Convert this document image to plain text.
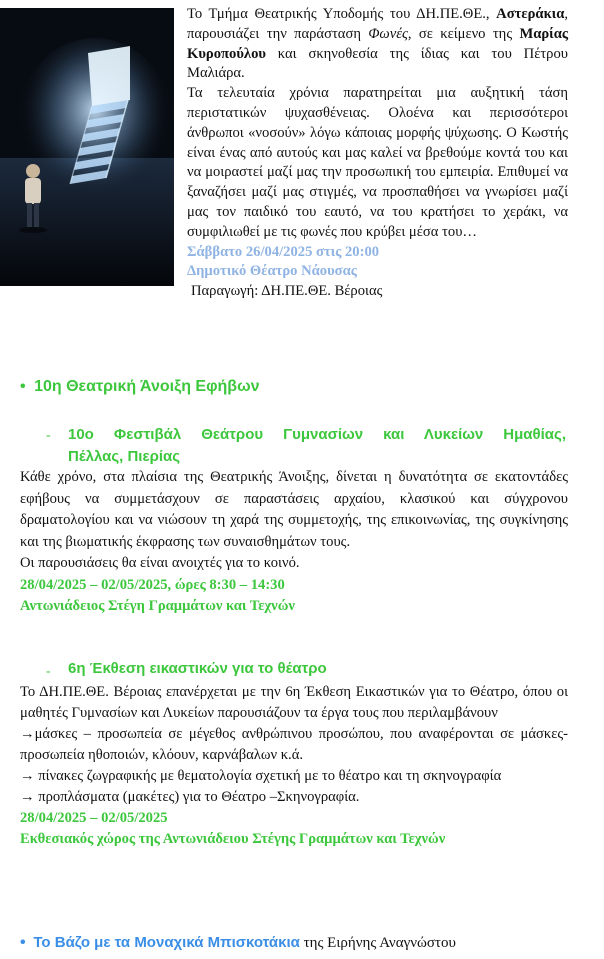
Το Τμήμα Θεατρικής Υποδομής του ΔΗ.ΠΕ.ΘΕ., Αστεράκια, παρουσιάζει την παράσταση Φωνές, σε κείμενο της Μαρίας Κυροπούλου και σκηνοθεσία της ίδιας και του Πέτρου Μαλιάρα.

Τα τελευταία χρόνια παρατηρείται μια αυξητική τάση περιστατικών ψυχασθένειας. Ολοένα και περισσότεροι άνθρωποι «νοσούν» λόγω κάποιας μορφής ψύχωσης. Ο Κωστής είναι ένας από αυτούς και μας καλεί να βρεθούμε κοντά του και να μοιραστεί μαζί μας την προσωπική του εμπειρία. Επιθυμεί να ξαναζήσει μαζί μας στιγμές, να προσπαθήσει να γνωρίσει μαζί μας τον παιδικό του εαυτό, να του κρατήσει το χεράκι, να συμφιλιωθεί με τις φωνές που κρύβει μέσα του…

Σάββατο 26/04/2025 στις 20:00

Δημοτικό Θέατρο Νάουσας

Παραγωγή: ΔΗ.ΠΕ.ΘΕ. Βέροιας

• 10η Θεατρική Άνοιξη Εφήβων
- 10ο Φεστιβάλ Θεάτρου Γυμνασίων και Λυκείων Ημαθίας,
Πέλλας, Πιερίας

Κάθε χρόνο, στα πλαίσια της Θεατρικής Άνοιξης, δίνεται η δυνατότητα σε εκατοντάδες εφήβους να συμμετάσχουν σε παραστάσεις αρχαίου, κλασικού και σύγχρονου δραματολογίου και να νιώσουν τη χαρά της συμμετοχής, της επικοινωνίας, της συγκίνησης και της βιωματικής έκφρασης των συναισθημάτων τους.

Οι παρουσιάσεις θα είναι ανοιχτές για το κοινό.

28/04/2025 – 02/05/2025, ώρες 8:30 – 14:30

Αντωνιάδειος Στέγη Γραμμάτων και Τεχνών

- 6η Έκθεση εικαστικών για το θέατρο

Το ΔΗ.ΠΕ.ΘΕ. Βέροιας επανέρχεται με την 6η Έκθεση Εικαστικών για το Θέατρο, όπου οι μαθητές Γυμνασίων και Λυκείων παρουσιάζουν τα έργα τους που περιλαμβάνουν

→μάσκες – προσωπεία σε μέγεθος ανθρώπινου προσώπου, που αναφέρονται σε μάσκες-προσωπεία ηθοποιών, κλόουν, καρνάβαλων κ.ά.

→ πίνακες ζωγραφικής με θεματολογία σχετική με το θέατρο και τη σκηνογραφία

→ προπλάσματα (μακέτες) για το Θέατρο –Σκηνογραφία.

28/04/2025 – 02/05/2025

Εκθεσιακός χώρος της Αντωνιάδειου Στέγης Γραμμάτων και Τεχνών

• Το Βάζο με τα Μοναχικά Μπισκοτάκια της Ειρήνης Αναγνώστου
